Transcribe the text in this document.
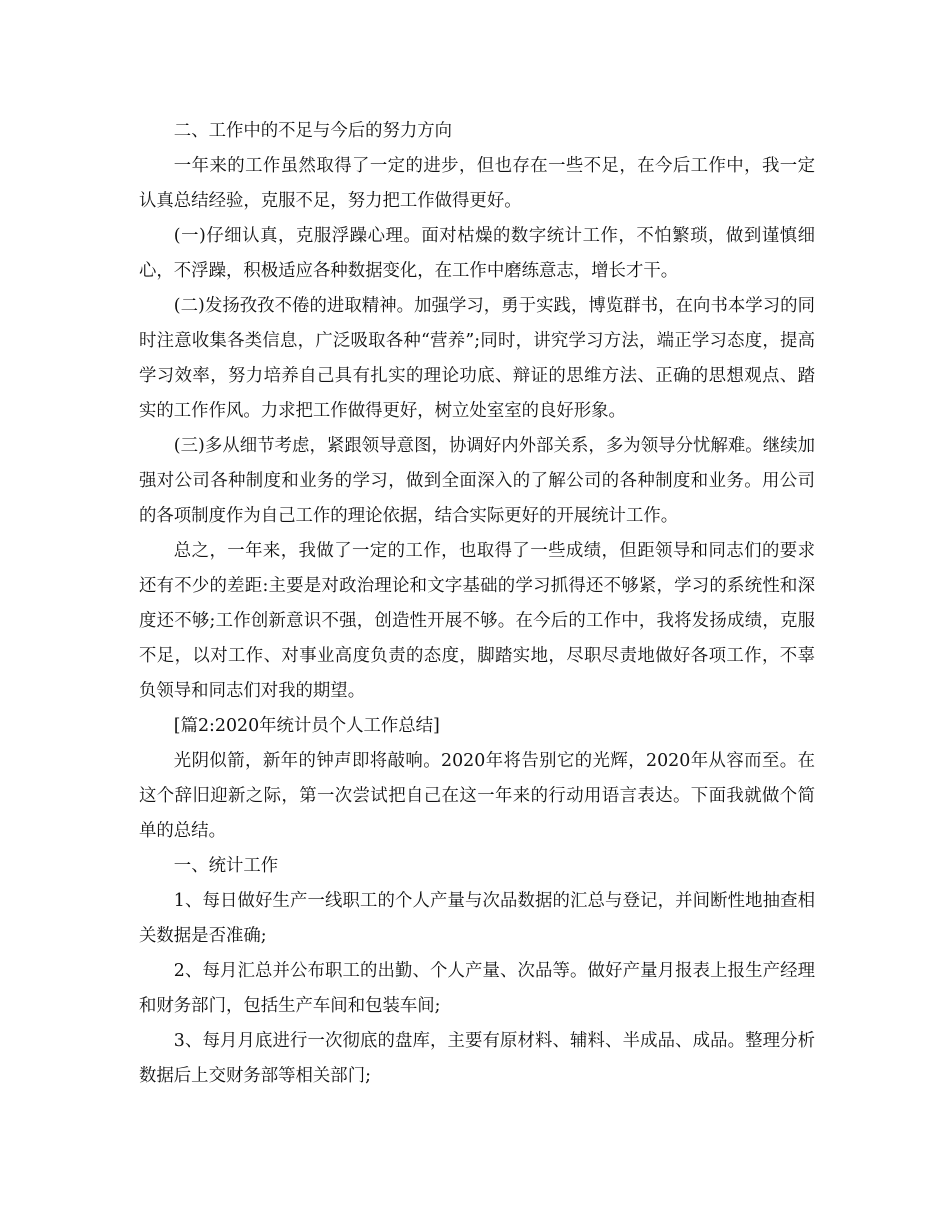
二、工作中的不足与今后的努力方向

一年来的工作虽然取得了一定的进步，但也存在一些不足，在今后工作中，我一定认真总结经验，克服不足，努力把工作做得更好。

(一)仔细认真，克服浮躁心理。面对枯燥的数字统计工作，不怕繁琐，做到谨慎细心，不浮躁，积极适应各种数据变化，在工作中磨练意志，增长才干。

(二)发扬孜孜不倦的进取精神。加强学习，勇于实践，博览群书，在向书本学习的同时注意收集各类信息，广泛吸取各种“营养”;同时，讲究学习方法，端正学习态度，提高学习效率，努力培养自己具有扎实的理论功底、辩证的思维方法、正确的思想观点、踏实的工作作风。力求把工作做得更好，树立处室室的良好形象。

(三)多从细节考虑，紧跟领导意图，协调好内外部关系，多为领导分忧解难。继续加强对公司各种制度和业务的学习，做到全面深入的了解公司的各种制度和业务。用公司的各项制度作为自己工作的理论依据，结合实际更好的开展统计工作。

总之，一年来，我做了一定的工作，也取得了一些成绩，但距领导和同志们的要求还有不少的差距:主要是对政治理论和文字基础的学习抓得还不够紧，学习的系统性和深度还不够;工作创新意识不强，创造性开展不够。在今后的工作中，我将发扬成绩，克服不足，以对工作、对事业高度负责的态度，脚踏实地，尽职尽责地做好各项工作，不辜负领导和同志们对我的期望。

[篇2:2020年统计员个人工作总结]

光阴似箭，新年的钟声即将敲响。2020年将告别它的光辉，2020年从容而至。在这个辞旧迎新之际，第一次尝试把自己在这一年来的行动用语言表达。下面我就做个简单的总结。

一、统计工作

1、每日做好生产一线职工的个人产量与次品数据的汇总与登记，并间断性地抽查相关数据是否准确;

2、每月汇总并公布职工的出勤、个人产量、次品等。做好产量月报表上报生产经理和财务部门，包括生产车间和包装车间;

3、每月月底进行一次彻底的盘库，主要有原材料、辅料、半成品、成品。整理分析数据后上交财务部等相关部门;
